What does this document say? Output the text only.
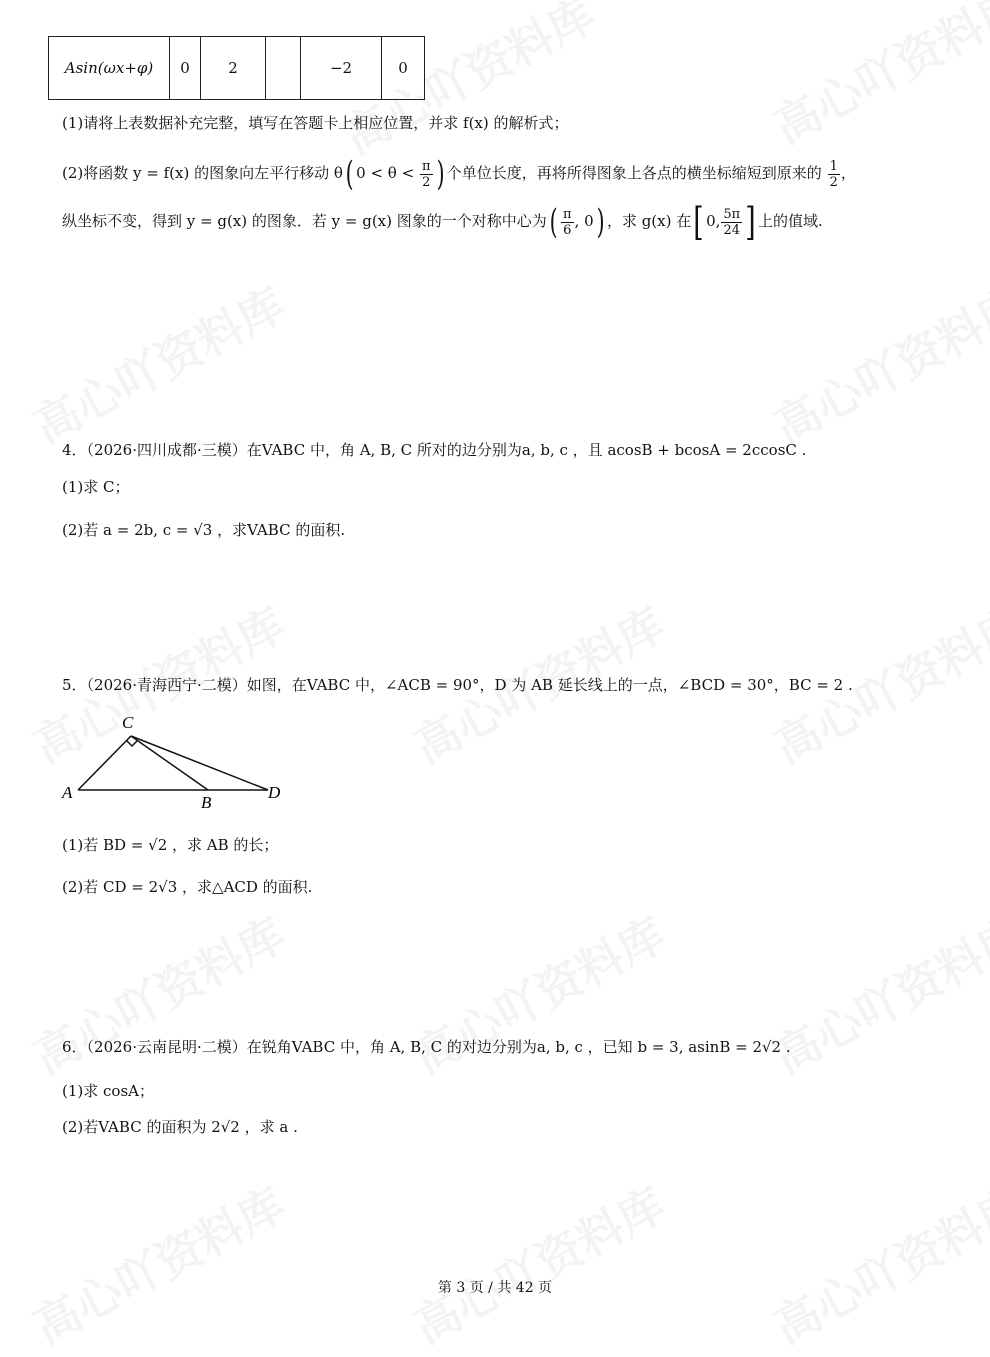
Asin(ωx+φ)	0	2		−2	0
(1)请将上表数据补充完整，填写在答题卡上相应位置，并求 f(x) 的解析式；
(2)将函数 y = f(x) 的图象向左平行移动 θ( $0 < \theta < \frac{\pi}{2}$ ) 个单位长度，再将所得图象上各点的横坐标缩短到原来的 $\frac{1}{2}$ ，
纵坐标不变，得到 y = g(x) 的图象．若 y = g(x) 图象的一个对称中心为( $\frac{\pi}{6}$ , 0) ，求 g(x) 在[ 0, $\frac{5\pi}{24}$ ] 上的值域.
4．（2026·四川成都·三模）在VABC 中，角 A, B, C 所对的边分别为a, b, c ，且 acosB + bcosA = 2ccosC .
(1)求 C；
(2)若 a = 2b, c = √3 ，求VABC 的面积.
5．（2026·青海西宁·二模）如图，在VABC 中，∠ACB = 90°，D 为 AB 延长线上的一点，∠BCD = 30°，BC = 2 .
C
A
B
D
(1)若 BD = √2 ，求 AB 的长；
(2)若 CD = 2√3 ，求△ACD 的面积.
6．（2026·云南昆明·二模）在锐角VABC 中，角 A, B, C 的对边分别为a, b, c ，已知 b = 3, asinB = 2√2 .
(1)求 cosA；
(2)若VABC 的面积为 2√2 ，求 a .
第 3 页 / 共 42 页
